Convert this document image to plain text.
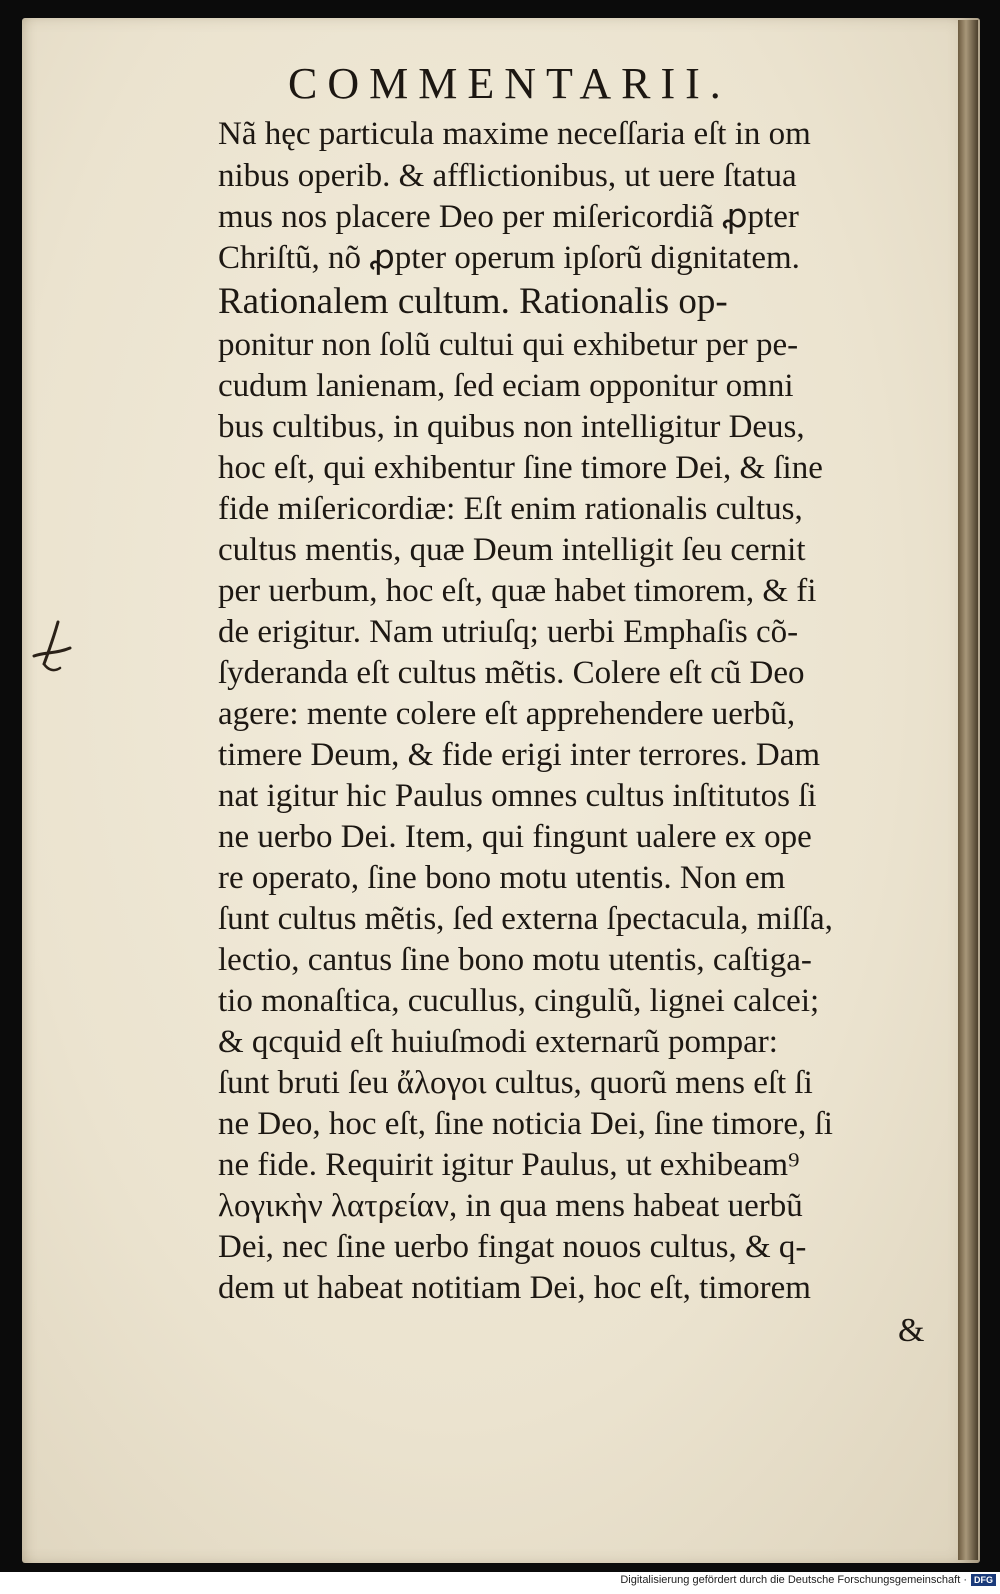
COMMENTARII.
Nã hęc particula maxime neceſſaria eſt in om
nibus operib. & afflictionibus, ut uere ſtatua
mus nos placere Deo per miſericordiã ꝓpter
Chriſtũ, nõ ꝓpter operum ipſorũ dignitatem.
Rationalem cultum. Rationalis op-
ponitur non ſolũ cultui qui exhibetur per pe-
cudum lanienam, ſed eciam opponitur omni
bus cultibus, in quibus non intelligitur Deus,
hoc eſt, qui exhibentur ſine timore Dei, & ſine
fide miſericordiæ: Eſt enim rationalis cultus,
cultus mentis, quæ Deum intelligit ſeu cernit
per uerbum, hoc eſt, quæ habet timorem, & fi
de erigitur. Nam utriuſq; uerbi Emphaſis cõ-
ſyderanda eſt cultus mẽtis. Colere eſt cũ Deo
agere: mente colere eſt apprehendere uerbũ,
timere Deum, & fide erigi inter terrores. Dam
nat igitur hic Paulus omnes cultus inſtitutos ſi
ne uerbo Dei. Item, qui fingunt ualere ex ope
re operato, ſine bono motu utentis. Non em
ſunt cultus mẽtis, ſed externa ſpectacula, miſſa,
lectio, cantus ſine bono motu utentis, caſtiga-
tio monaſtica, cucullus, cingulũ, lignei calcei;
& qcquid eſt huiuſmodi externarũ pompar:
ſunt bruti ſeu ἄλογοι cultus, quorũ mens eſt ſi
ne Deo, hoc eſt, ſine noticia Dei, ſine timore, ſi
ne fide. Requirit igitur Paulus, ut exhibeam⁹
λογικὴν λατρείαν, in qua mens habeat uerbũ
Dei, nec ſine uerbo fingat nouos cultus, & q-
dem ut habeat notitiam Dei, hoc eſt, timorem
&
Digitalisierung gefördert durch die Deutsche Forschungsgemeinschaft · DFG
